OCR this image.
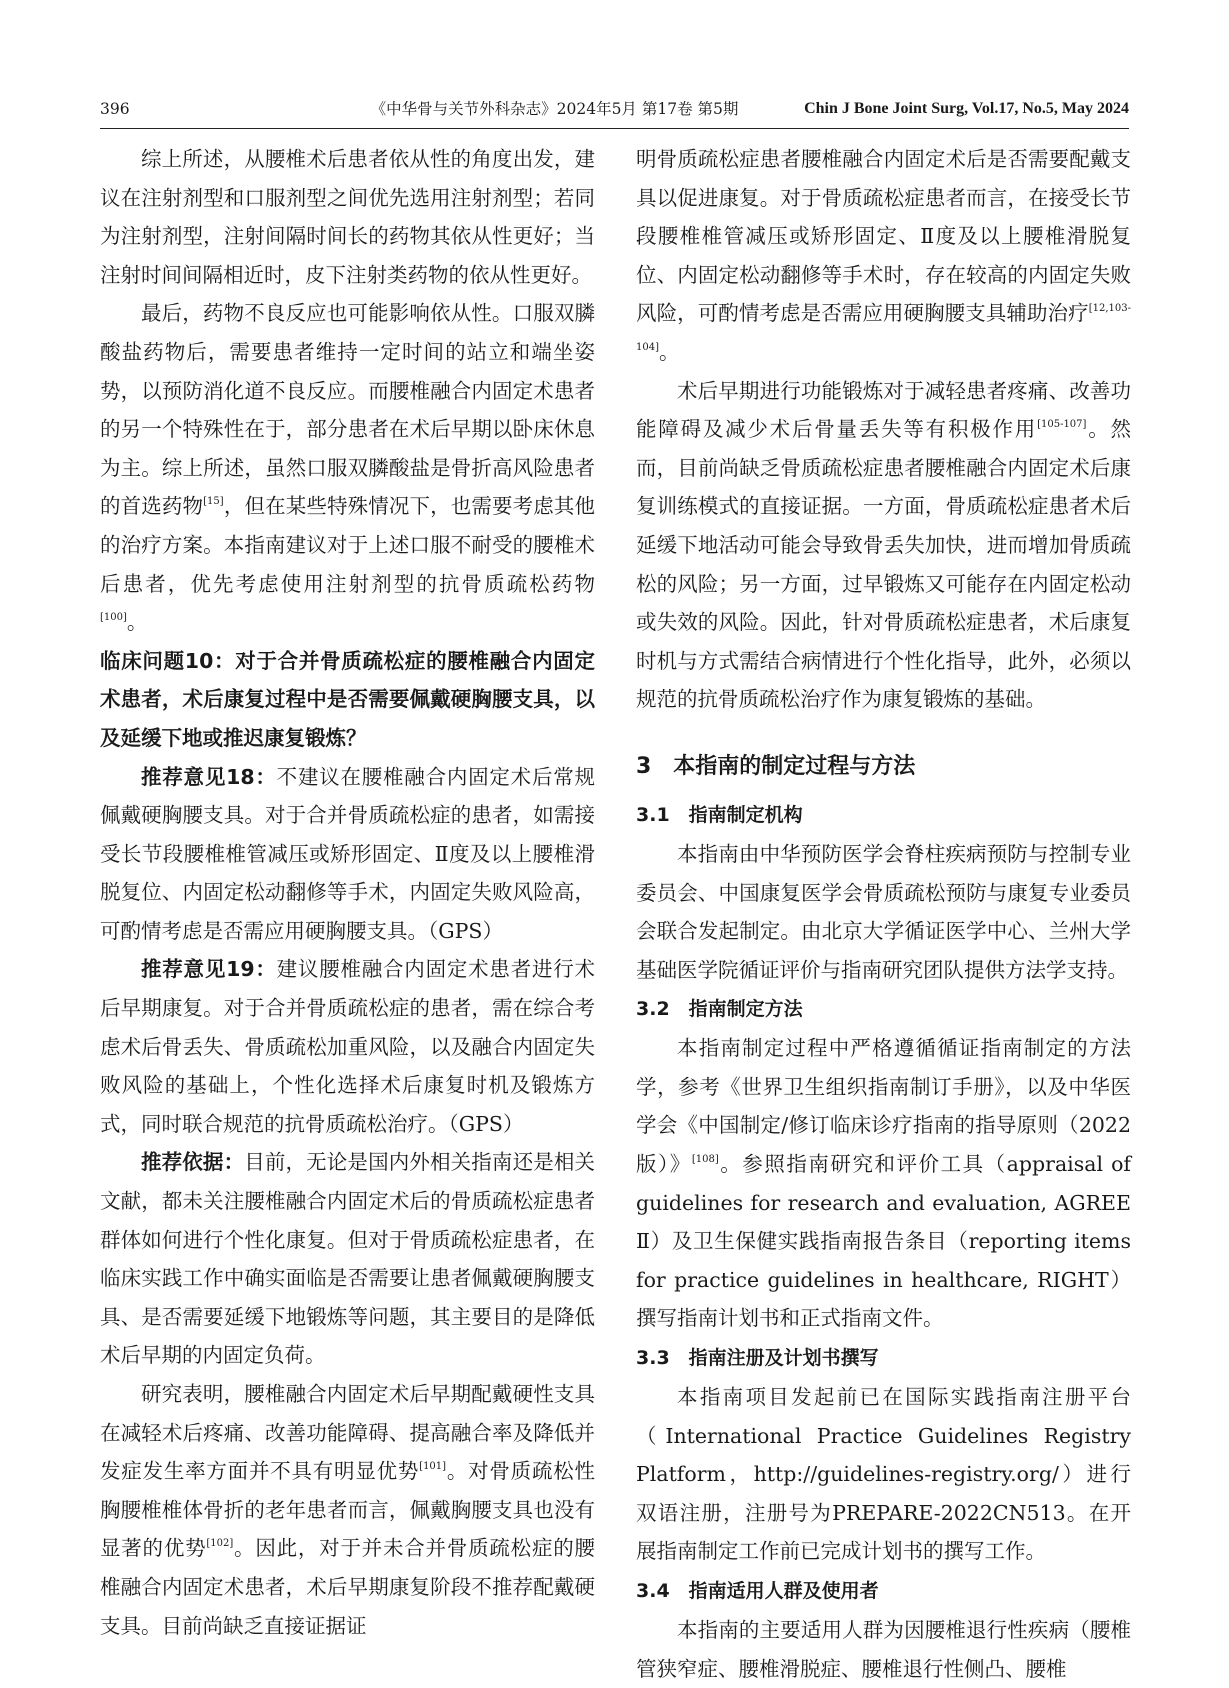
396	《中华骨与关节外科杂志》2024年5月 第17卷 第5期	Chin J Bone Joint Surg, Vol.17, No.5, May 2024

综上所述，从腰椎术后患者依从性的角度出发，建议在注射剂型和口服剂型之间优先选用注射剂型；若同为注射剂型，注射间隔时间长的药物其依从性更好；当注射时间间隔相近时，皮下注射类药物的依从性更好。

最后，药物不良反应也可能影响依从性。口服双膦酸盐药物后，需要患者维持一定时间的站立和端坐姿势，以预防消化道不良反应。而腰椎融合内固定术患者的另一个特殊性在于，部分患者在术后早期以卧床休息为主。综上所述，虽然口服双膦酸盐是骨折高风险患者的首选药物[15]，但在某些特殊情况下，也需要考虑其他的治疗方案。本指南建议对于上述口服不耐受的腰椎术后患者，优先考虑使用注射剂型的抗骨质疏松药物[100]。

临床问题10：对于合并骨质疏松症的腰椎融合内固定术患者，术后康复过程中是否需要佩戴硬胸腰支具，以及延缓下地或推迟康复锻炼？

推荐意见18：不建议在腰椎融合内固定术后常规佩戴硬胸腰支具。对于合并骨质疏松症的患者，如需接受长节段腰椎椎管减压或矫形固定、Ⅱ度及以上腰椎滑脱复位、内固定松动翻修等手术，内固定失败风险高，可酌情考虑是否需应用硬胸腰支具。（GPS）

推荐意见19：建议腰椎融合内固定术患者进行术后早期康复。对于合并骨质疏松症的患者，需在综合考虑术后骨丢失、骨质疏松加重风险，以及融合内固定失败风险的基础上，个性化选择术后康复时机及锻炼方式，同时联合规范的抗骨质疏松治疗。（GPS）

推荐依据：目前，无论是国内外相关指南还是相关文献，都未关注腰椎融合内固定术后的骨质疏松症患者群体如何进行个性化康复。但对于骨质疏松症患者，在临床实践工作中确实面临是否需要让患者佩戴硬胸腰支具、是否需要延缓下地锻炼等问题，其主要目的是降低术后早期的内固定负荷。

研究表明，腰椎融合内固定术后早期配戴硬性支具在减轻术后疼痛、改善功能障碍、提高融合率及降低并发症发生率方面并不具有明显优势[101]。对骨质疏松性胸腰椎椎体骨折的老年患者而言，佩戴胸腰支具也没有显著的优势[102]。因此，对于并未合并骨质疏松症的腰椎融合内固定术患者，术后早期康复阶段不推荐配戴硬支具。目前尚缺乏直接证据证

明骨质疏松症患者腰椎融合内固定术后是否需要配戴支具以促进康复。对于骨质疏松症患者而言，在接受长节段腰椎椎管减压或矫形固定、Ⅱ度及以上腰椎滑脱复位、内固定松动翻修等手术时，存在较高的内固定失败风险，可酌情考虑是否需应用硬胸腰支具辅助治疗[12,103-104]。

术后早期进行功能锻炼对于减轻患者疼痛、改善功能障碍及减少术后骨量丢失等有积极作用[105-107]。然而，目前尚缺乏骨质疏松症患者腰椎融合内固定术后康复训练模式的直接证据。一方面，骨质疏松症患者术后延缓下地活动可能会导致骨丢失加快，进而增加骨质疏松的风险；另一方面，过早锻炼又可能存在内固定松动或失效的风险。因此，针对骨质疏松症患者，术后康复时机与方式需结合病情进行个性化指导，此外，必须以规范的抗骨质疏松治疗作为康复锻炼的基础。

3　本指南的制定过程与方法
3.1　指南制定机构

本指南由中华预防医学会脊柱疾病预防与控制专业委员会、中国康复医学会骨质疏松预防与康复专业委员会联合发起制定。由北京大学循证医学中心、兰州大学基础医学院循证评价与指南研究团队提供方法学支持。

3.2　指南制定方法

本指南制定过程中严格遵循循证指南制定的方法学，参考《世界卫生组织指南制订手册》，以及中华医学会《中国制定/修订临床诊疗指南的指导原则（2022版）》[108]。参照指南研究和评价工具（appraisal of guidelines for research and evaluation, AGREE Ⅱ）及卫生保健实践指南报告条目（reporting items for practice guidelines in healthcare, RIGHT）撰写指南计划书和正式指南文件。

3.3　指南注册及计划书撰写

本指南项目发起前已在国际实践指南注册平台（International Practice Guidelines Registry Platform，http://guidelines-registry.org/）进行双语注册，注册号为PREPARE-2022CN513。在开展指南制定工作前已完成计划书的撰写工作。

3.4　指南适用人群及使用者

本指南的主要适用人群为因腰椎退行性疾病（腰椎管狭窄症、腰椎滑脱症、腰椎退行性侧凸、腰椎
